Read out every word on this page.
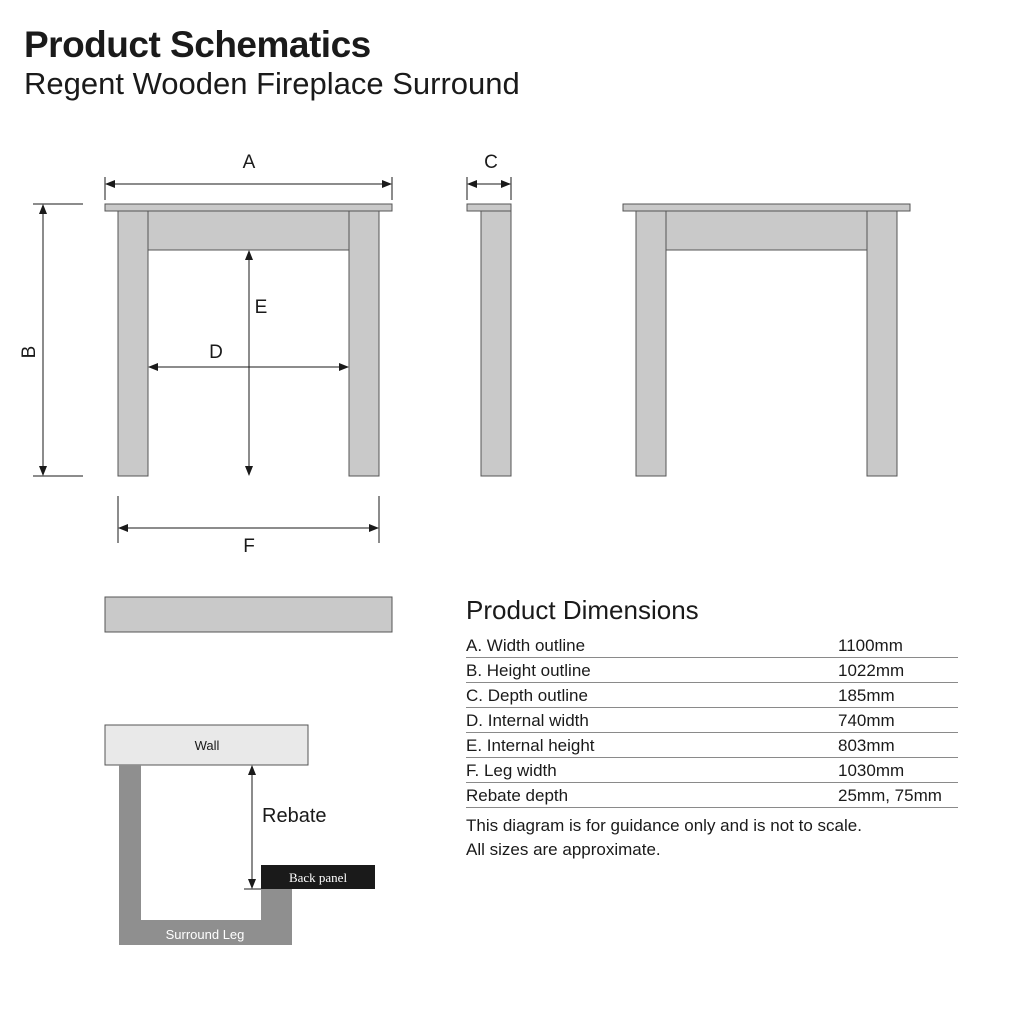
Product Schematics
Regent Wooden Fireplace Surround
A
B
C
D
E
F
Wall
Surround Leg
Back panel
Rebate
Product Dimensions
A. Width outline	1100mm
B. Height outline	1022mm
C. Depth outline	185mm
D. Internal width	740mm
E. Internal height	803mm
F. Leg width	1030mm
Rebate depth	25mm, 75mm

This diagram is for guidance only and is not to scale.

All sizes are approximate.
